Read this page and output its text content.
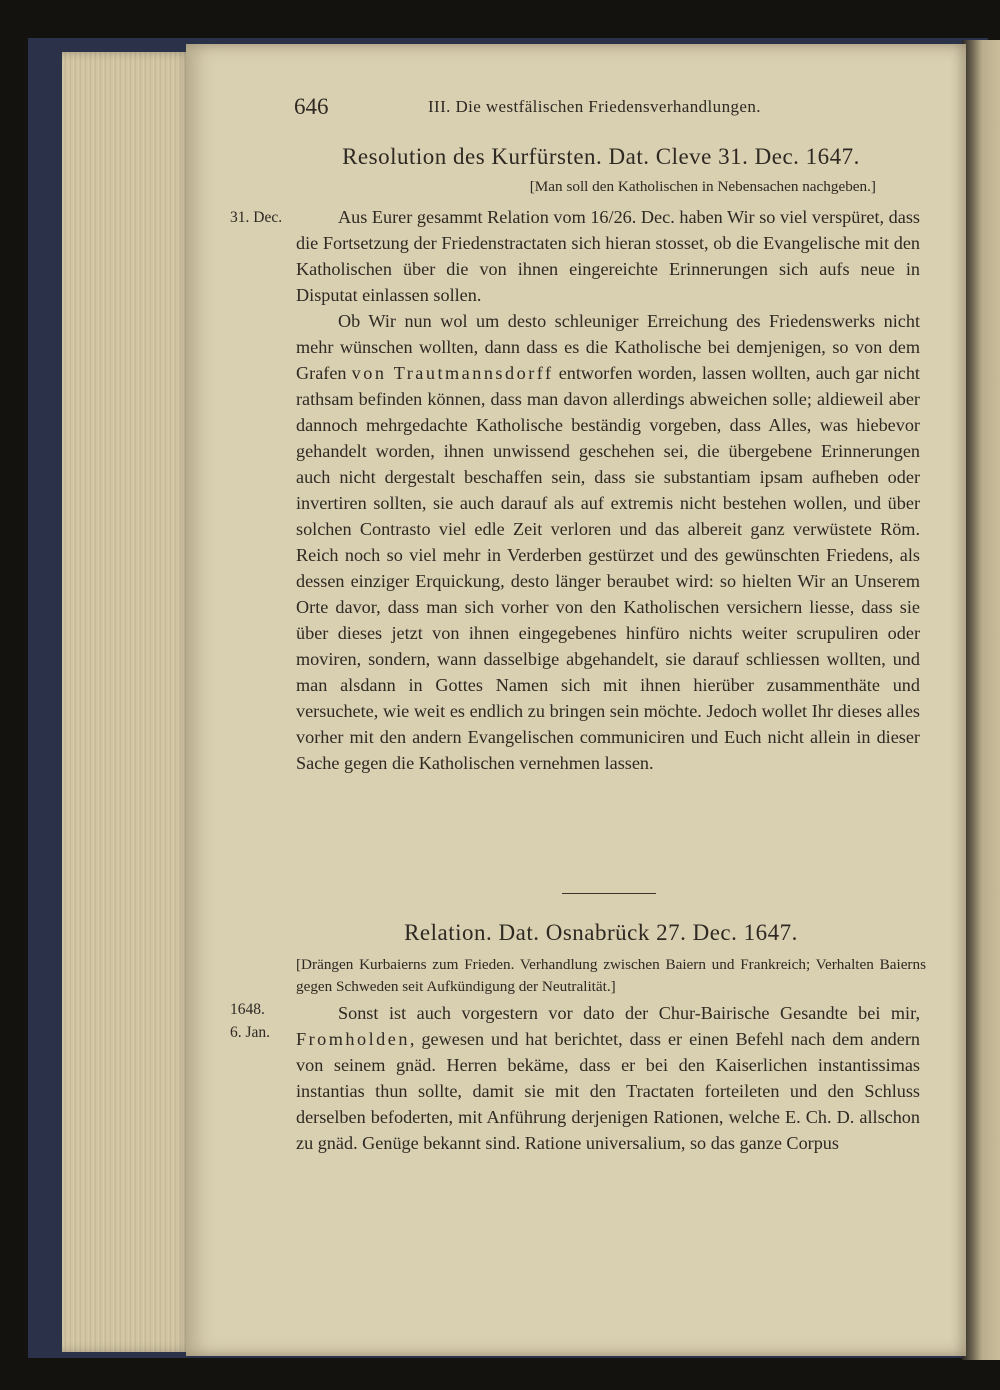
646	III. Die westfälischen Friedensverhandlungen.
Resolution des Kurfürsten. Dat. Cleve 31. Dec. 1647.
[Man soll den Katholischen in Nebensachen nachgeben.]
31. Dec.	Aus Eurer gesammt Relation vom 16/26. Dec. haben Wir so viel verspüret, dass die Fortsetzung der Friedenstractaten sich hieran stosset, ob die Evangelische mit den Katholischen über die von ihnen eingereichte Erinnerungen sich aufs neue in Disputat einlassen sollen.

Ob Wir nun wol um desto schleuniger Erreichung des Friedenswerks nicht mehr wünschen wollten, dann dass es die Katholische bei demjenigen, so von dem Grafen von Trautmannsdorff entworfen worden, lassen wollten, auch gar nicht rathsam befinden können, dass man davon allerdings abweichen solle; aldieweil aber dannoch mehrgedachte Katholische beständig vorgeben, dass Alles, was hiebevor gehandelt worden, ihnen unwissend geschehen sei, die übergebene Erinnerungen auch nicht dergestalt beschaffen sein, dass sie substantiam ipsam aufheben oder invertiren sollten, sie auch darauf als auf extremis nicht bestehen wollen, und über solchen Contrasto viel edle Zeit verloren und das albereit ganz verwüstete Röm. Reich noch so viel mehr in Verderben gestürzet und des gewünschten Friedens, als dessen einziger Erquickung, desto länger beraubet wird: so hielten Wir an Unserem Orte davor, dass man sich vorher von den Katholischen versichern liesse, dass sie über dieses jetzt von ihnen eingegebenes hinfüro nichts weiter scrupuliren oder moviren, sondern, wann dasselbige abgehandelt, sie darauf schliessen wollten, und man alsdann in Gottes Namen sich mit ihnen hierüber zusammenthäte und versuchete, wie weit es endlich zu bringen sein möchte. Jedoch wollet Ihr dieses alles vorher mit den andern Evangelischen communiciren und Euch nicht allein in dieser Sache gegen die Katholischen vernehmen lassen.

Relation. Dat. Osnabrück 27. Dec. 1647.
[Drängen Kurbaierns zum Frieden. Verhandlung zwischen Baiern und Frankreich; Verhalten Baierns gegen Schweden seit Aufkündigung der Neutralität.]
1648.
6. Jan.

Sonst ist auch vorgestern vor dato der Chur-Bairische Gesandte bei mir, Fromholden, gewesen und hat berichtet, dass er einen Befehl nach dem andern von seinem gnäd. Herren bekäme, dass er bei den Kaiserlichen instantissimas instantias thun sollte, damit sie mit den Tractaten forteileten und den Schluss derselben befoderten, mit Anführung derjenigen Rationen, welche E. Ch. D. allschon zu gnäd. Genüge bekannt sind. Ratione universalium, so das ganze Corpus
